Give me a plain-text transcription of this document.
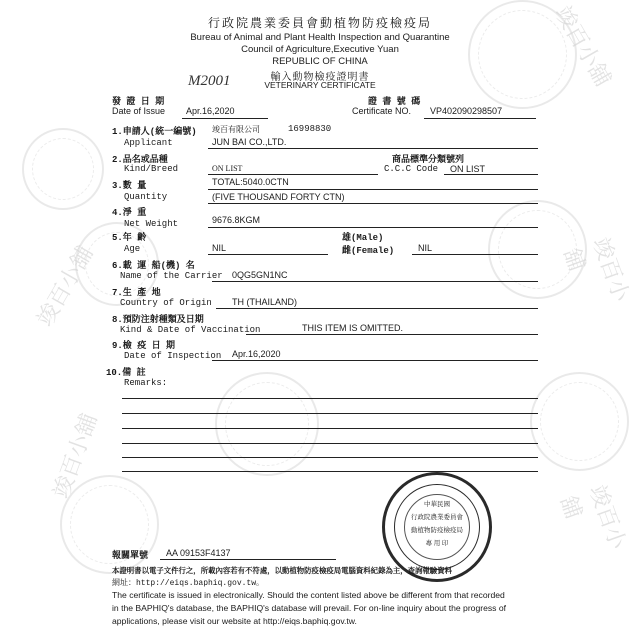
竣百小舖
竣百小舖
竣百小舖
竣百小舖
竣百小舖
行政院農業委員會動植物防疫檢疫局
Bureau of Animal and Plant Health Inspection and Quarantine
Council of Agriculture,Executive Yuan
REPUBLIC OF CHINA
輸入動物檢疫證明書
VETERINARY CERTIFICATE
M2001
發 證 日 期
Date of Issue Apr.16,2020
證 書 號 碼
Certificate NO. VP402090298507
1.申請人(統一編號)
Applicant
竣百有限公司	16998830
JUN BAI CO.,LTD.
2.品名或品種
Kind/Breed	ON LIST
商品標準分類號列
C.C.C Code ON LIST
3.數 量
Quantity
TOTAL:5040.0CTN
(FIVE THOUSAND FORTY CTN)
4.淨 重
Net Weight	9676.8KGM
5.年 齡
Age	NIL
雄(Male)
雌(Female)	NIL
6.載 運 船(機) 名
Name of the Carrier 0QG5GN1NC
7.生 產 地
Country of Origin TH (THAILAND)
8.預防注射種類及日期
Kind & Date of Vaccination	THIS ITEM IS OMITTED.
9.檢 疫 日 期
Date of Inspection Apr.16,2020
10.備 註
Remarks:
中華民國
行政院農業委員會
動植物防疫檢疫局
專 用 印
報關單號 AA 09153F4137
本證明書以電子文件行之，所載內容若有不符處，以動植物防疫檢疫局電腦資料紀錄為主，查詢報驗資料
網址：http://eiqs.baphiq.gov.tw。
The certificate is issued in electronically. Should the content listed above be different from that recorded
in the BAPHIQ's database, the BAPHIQ's database will prevail. For on-line inquiry about the progress of
applications, please visit our website at http://eiqs.baphiq.gov.tw.
